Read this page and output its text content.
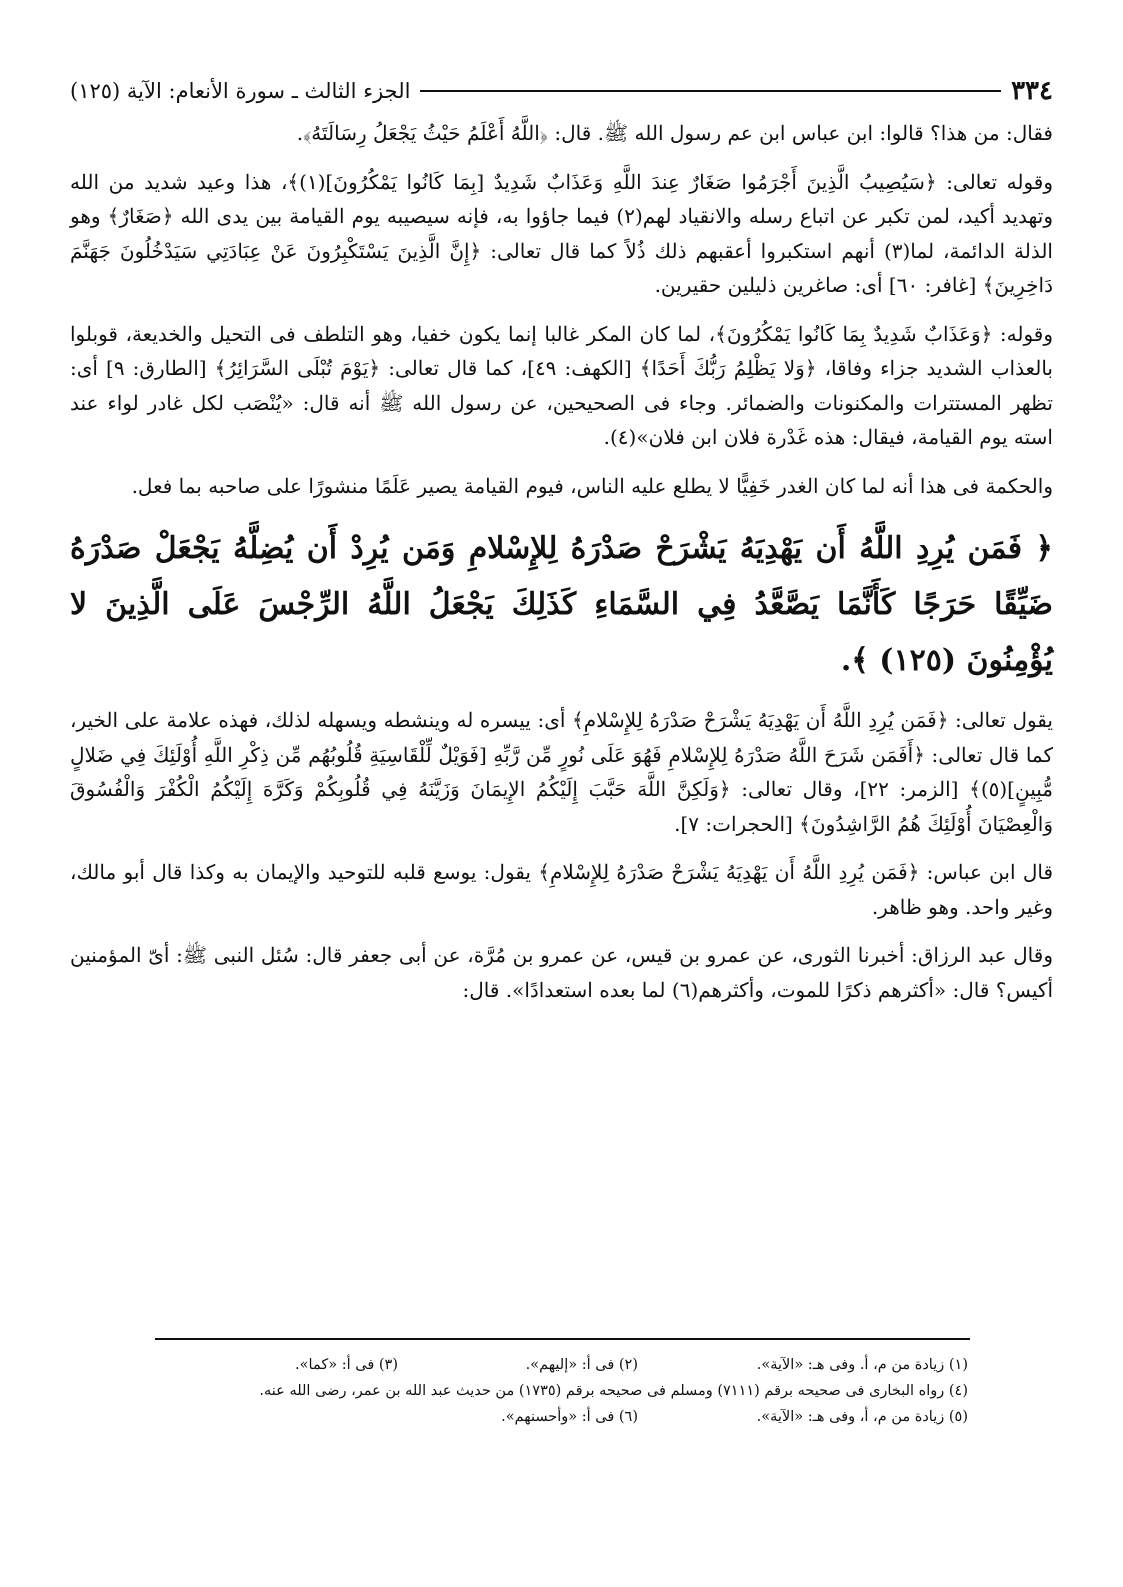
٣٣٤
الجزء الثالث ـ سورة الأنعام: الآية (١٢٥)

فقال: من هذا؟ قالوا: ابن عباس ابن عم رسول الله ﷺ. قال: ﴿اللَّهُ أَعْلَمُ حَيْثُ يَجْعَلُ رِسَالَتَهُ﴾.

وقوله تعالى: ﴿سَيُصِيبُ الَّذِينَ أَجْرَمُوا صَغَارٌ عِندَ اللَّهِ وَعَذَابٌ شَدِيدٌ [بِمَا كَانُوا يَمْكُرُونَ](١)﴾، هذا وعيد شديد من الله وتهديد أكيد، لمن تكبر عن اتباع رسله والانقياد لهم(٢) فيما جاؤوا به، فإنه سيصيبه يوم القيامة بين يدى الله ﴿صَغَارٌ﴾ وهو الذلة الدائمة، لما(٣) أنهم استكبروا أعقبهم ذلك ذُلاً كما قال تعالى: ﴿إِنَّ الَّذِينَ يَسْتَكْبِرُونَ عَنْ عِبَادَتِي سَيَدْخُلُونَ جَهَنَّمَ دَاخِرِينَ﴾ [غافر: ٦٠] أى: صاغرين ذليلين حقيرين.

وقوله: ﴿وَعَذَابٌ شَدِيدٌ بِمَا كَانُوا يَمْكُرُونَ﴾، لما كان المكر غالبا إنما يكون خفيا، وهو التلطف فى التحيل والخديعة، قوبلوا بالعذاب الشديد جزاء وفاقا، ﴿وَلا يَظْلِمُ رَبُّكَ أَحَدًا﴾ [الكهف: ٤٩]، كما قال تعالى: ﴿يَوْمَ تُبْلَى السَّرَائِرُ﴾ [الطارق: ٩] أى: تظهر المستترات والمكنونات والضمائر. وجاء فى الصحيحين، عن رسول الله ﷺ أنه قال: «يُنْصَب لكل غادر لواء عند استه يوم القيامة، فيقال: هذه غَدْرة فلان ابن فلان»(٤).

والحكمة فى هذا أنه لما كان الغدر خَفِيًّا لا يطلع عليه الناس، فيوم القيامة يصير عَلَمًا منشورًا على صاحبه بما فعل.

﴿ فَمَن يُرِدِ اللَّهُ أَن يَهْدِيَهُ يَشْرَحْ صَدْرَهُ لِلإِسْلامِ وَمَن يُرِدْ أَن يُضِلَّهُ يَجْعَلْ صَدْرَهُ ضَيِّقًا حَرَجًا كَأَنَّمَا يَصَّعَّدُ فِي السَّمَاءِ كَذَلِكَ يَجْعَلُ اللَّهُ الرِّجْسَ عَلَى الَّذِينَ لا يُؤْمِنُونَ (١٢٥) ﴾.

يقول تعالى: ﴿فَمَن يُرِدِ اللَّهُ أَن يَهْدِيَهُ يَشْرَحْ صَدْرَهُ لِلإِسْلامِ﴾ أى: ييسره له وينشطه ويسهله لذلك، فهذه علامة على الخير، كما قال تعالى: ﴿أَفَمَن شَرَحَ اللَّهُ صَدْرَهُ لِلإِسْلامِ فَهُوَ عَلَى نُورٍ مِّن رَّبِّهِ [فَوَيْلٌ لِّلْقَاسِيَةِ قُلُوبُهُم مِّن ذِكْرِ اللَّهِ أُوْلَئِكَ فِي ضَلالٍ مُّبِينٍ](٥)﴾ [الزمر: ٢٢]، وقال تعالى: ﴿وَلَكِنَّ اللَّهَ حَبَّبَ إِلَيْكُمُ الإِيمَانَ وَزَيَّنَهُ فِي قُلُوبِكُمْ وَكَرَّهَ إِلَيْكُمُ الْكُفْرَ وَالْفُسُوقَ وَالْعِصْيَانَ أُوْلَئِكَ هُمُ الرَّاشِدُونَ﴾ [الحجرات: ٧].

قال ابن عباس: ﴿فَمَن يُرِدِ اللَّهُ أَن يَهْدِيَهُ يَشْرَحْ صَدْرَهُ لِلإِسْلامِ﴾ يقول: يوسع قلبه للتوحيد والإيمان به وكذا قال أبو مالك، وغير واحد. وهو ظاهر.

وقال عبد الرزاق: أخبرنا الثورى، عن عمرو بن قيس، عن عمرو بن مُرَّة، عن أبى جعفر قال: سُئل النبى ﷺ: أىّ المؤمنين أكيس؟ قال: «أكثرهم ذكرًا للموت، وأكثرهم(٦) لما بعده استعدادًا». قال:

(١) زيادة من م، أ. وفى هـ: «الآية».
(٢) فى أ: «إليهم».
(٣) فى أ: «كما».
(٤) رواه البخارى فى صحيحه برقم (٧١١١) ومسلم فى صحيحه برقم (١٧٣٥) من حديث عبد الله بن عمر، رضى الله عنه.
(٥) زيادة من م، أ، وفى هـ: «الآية».
(٦) فى أ: «وأحسنهم».
